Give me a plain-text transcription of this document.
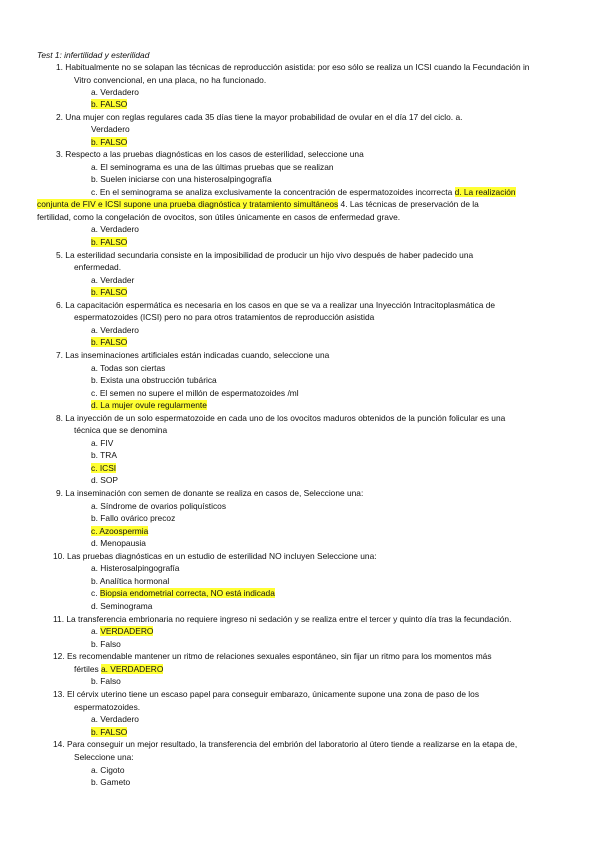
Test 1: infertilidad y esterilidad
1. Habitualmente no se solapan las técnicas de reproducción asistida: por eso sólo se realiza un ICSI cuando la Fecundación in
Vitro convencional, en una placa, no ha funcionado.
a. Verdadero
b. FALSO
2. Una mujer con reglas regulares cada 35 días tiene la mayor probabilidad de ovular en el día 17 del ciclo. a.
Verdadero
b. FALSO
3. Respecto a las pruebas diagnósticas en los casos de esterilidad, seleccione una
a. El seminograma es una de las últimas pruebas que se realizan
b. Suelen iniciarse con una histerosalpingografía
c. En el seminograma se analiza exclusivamente la concentración de espermatozoides incorrecta d. La realización
conjunta de FIV e ICSI supone una prueba diagnóstica y tratamiento simultáneos 4. Las técnicas de preservación de la
fertilidad, como la congelación de ovocitos, son útiles únicamente en casos de enfermedad grave.
a. Verdadero
b. FALSO
5. La esterilidad secundaria consiste en la imposibilidad de producir un hijo vivo después de haber padecido una
enfermedad.
a. Verdader
b. FALSO
6. La capacitación espermática es necesaria en los casos en que se va a realizar una Inyección Intracitoplasmática de
espermatozoides (ICSI) pero no para otros tratamientos de reproducción asistida
a. Verdadero
b. FALSO
7. Las inseminaciones artificiales están indicadas cuando, seleccione una
a. Todas son ciertas
b. Exista una obstrucción tubárica
c. El semen no supere el millón de espermatozoides /ml
d. La mujer ovule regularmente
8. La inyección de un solo espermatozoide en cada uno de los ovocitos maduros obtenidos de la punción folicular es una
técnica que se denomina
a. FIV
b. TRA
c. ICSI
d. SOP
9. La inseminación con semen de donante se realiza en casos de, Seleccione una:
a. Síndrome de ovarios poliquísticos
b. Fallo ovárico precoz
c. Azoospermia
d. Menopausia
10. Las pruebas diagnósticas en un estudio de esterilidad NO incluyen Seleccione una:
a. Histerosalpingografía
b. Analítica hormonal
c. Biopsia endometrial correcta, NO está indicada
d. Seminograma
11. La transferencia embrionaria no requiere ingreso ni sedación y se realiza entre el tercer y quinto día tras la fecundación.
a. VERDADERO
b. Falso
12. Es recomendable mantener un ritmo de relaciones sexuales espontáneo, sin fijar un ritmo para los momentos más
fértiles a. VERDADERO
b. Falso
13. El cérvix uterino tiene un escaso papel para conseguir embarazo, únicamente supone una zona de paso de los
espermatozoides.
a. Verdadero
b. FALSO
14. Para conseguir un mejor resultado, la transferencia del embrión del laboratorio al útero tiende a realizarse en la etapa de,
Seleccione una:
a. Cigoto
b. Gameto
